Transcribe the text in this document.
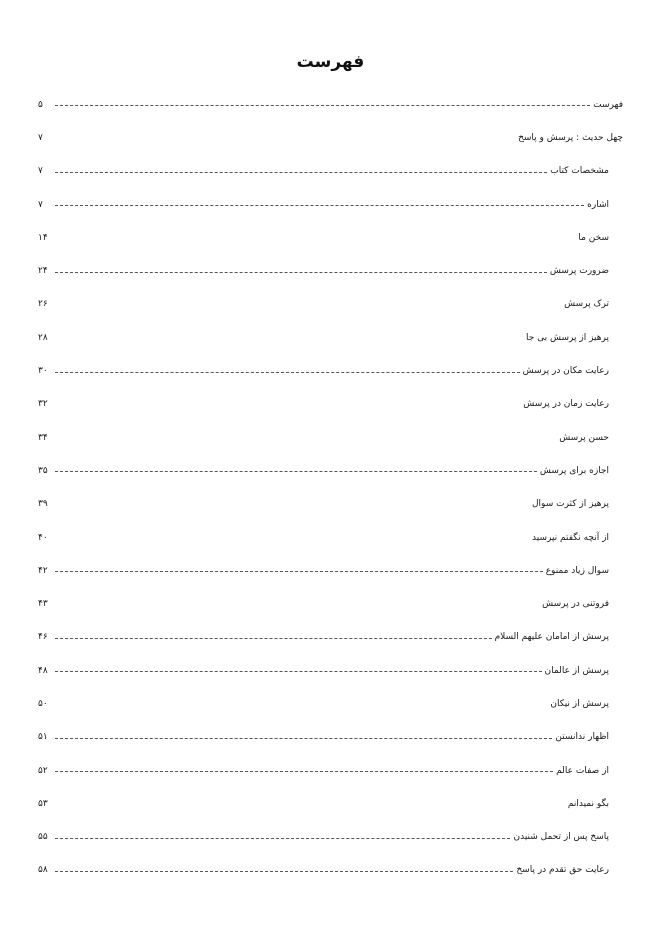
فهرست
فهرست
۵
چهل حدیث : پرسش و پاسخ
۷
مشخصات کتاب
۷
اشاره
۷
سخن ما
۱۴
ضرورت پرسش
۲۴
ترک پرسش
۲۶
پرهیز از پرسش بی جا
۲۸
رعایت مکان در پرسش
۳۰
رعایت زمان در پرسش
۳۲
حسن پرسش
۳۴
اجازه برای پرسش
۳۵
پرهیز از کثرت سوال
۳۹
از آنچه نگفتم نپرسید
۴۰
سوال زیاد ممنوع
۴۲
فروتنی در پرسش
۴۳
پرسش از امامان علیهم السلام
۴۶
پرسش از عالمان
۴۸
پرسش از نیکان
۵۰
اظهار ندانستن
۵۱
از صفات عالم
۵۲
بگو نمیدانم
۵۳
پاسخ پس از تحمل شنیدن
۵۵
رعایت حق تقدم در پاسخ
۵۸
